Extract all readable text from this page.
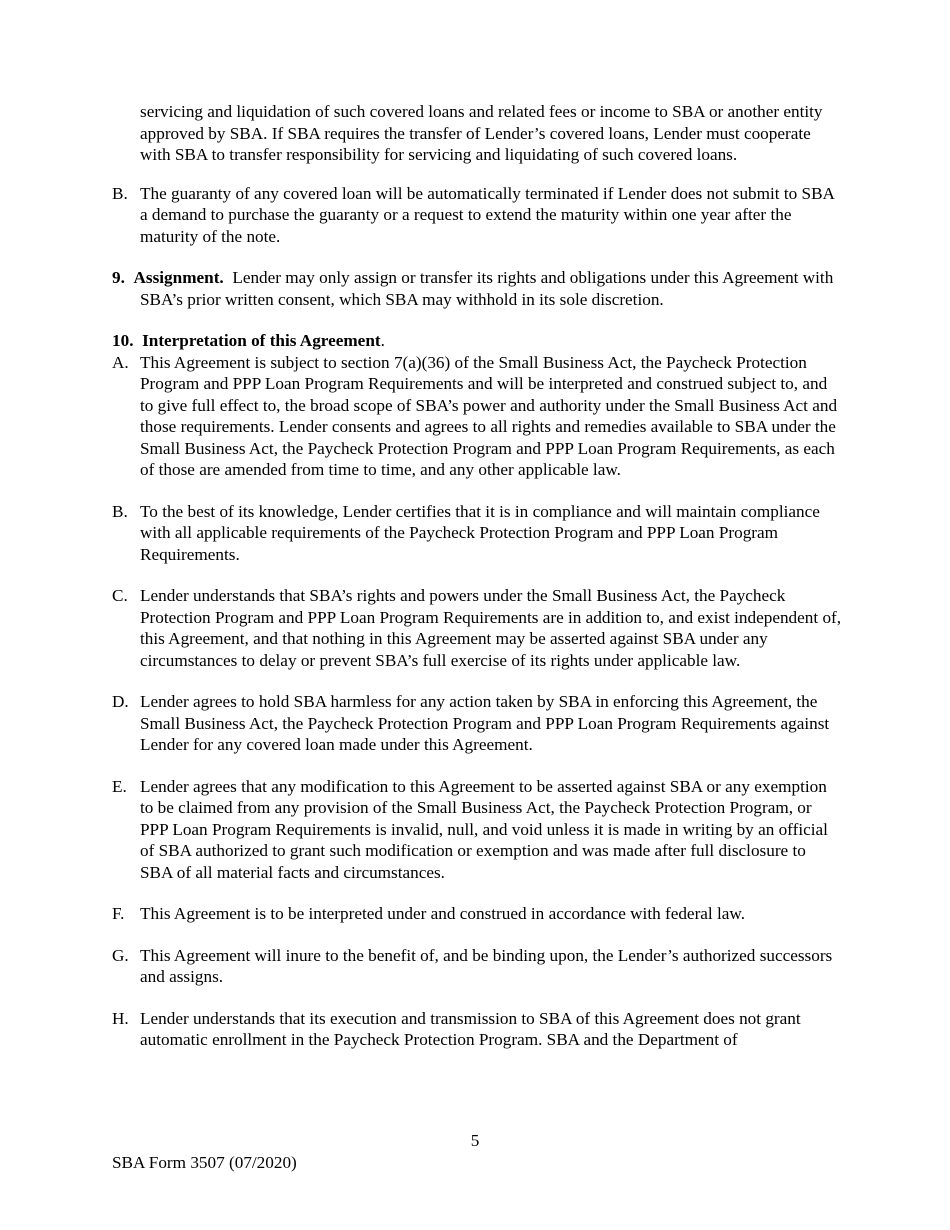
servicing and liquidation of such covered loans and related fees or income to SBA or another entity approved by SBA. If SBA requires the transfer of Lender’s covered loans, Lender must cooperate with SBA to transfer responsibility for servicing and liquidating of such covered loans.

B. The guaranty of any covered loan will be automatically terminated if Lender does not submit to SBA a demand to purchase the guaranty or a request to extend the maturity within one year after the maturity of the note.

9. Assignment. Lender may only assign or transfer its rights and obligations under this Agreement with SBA’s prior written consent, which SBA may withhold in its sole discretion.

10. Interpretation of this Agreement.

A. This Agreement is subject to section 7(a)(36) of the Small Business Act, the Paycheck Protection Program and PPP Loan Program Requirements and will be interpreted and construed subject to, and to give full effect to, the broad scope of SBA’s power and authority under the Small Business Act and those requirements. Lender consents and agrees to all rights and remedies available to SBA under the Small Business Act, the Paycheck Protection Program and PPP Loan Program Requirements, as each of those are amended from time to time, and any other applicable law.
B. To the best of its knowledge, Lender certifies that it is in compliance and will maintain compliance with all applicable requirements of the Paycheck Protection Program and PPP Loan Program Requirements.
C. Lender understands that SBA’s rights and powers under the Small Business Act, the Paycheck Protection Program and PPP Loan Program Requirements are in addition to, and exist independent of, this Agreement, and that nothing in this Agreement may be asserted against SBA under any circumstances to delay or prevent SBA’s full exercise of its rights under applicable law.
D. Lender agrees to hold SBA harmless for any action taken by SBA in enforcing this Agreement, the Small Business Act, the Paycheck Protection Program and PPP Loan Program Requirements against Lender for any covered loan made under this Agreement.
E. Lender agrees that any modification to this Agreement to be asserted against SBA or any exemption to be claimed from any provision of the Small Business Act, the Paycheck Protection Program, or PPP Loan Program Requirements is invalid, null, and void unless it is made in writing by an official of SBA authorized to grant such modification or exemption and was made after full disclosure to SBA of all material facts and circumstances.
F. This Agreement is to be interpreted under and construed in accordance with federal law.
G. This Agreement will inure to the benefit of, and be binding upon, the Lender’s authorized successors and assigns.
H. Lender understands that its execution and transmission to SBA of this Agreement does not grant automatic enrollment in the Paycheck Protection Program. SBA and the Department of
5
SBA Form 3507 (07/2020)
